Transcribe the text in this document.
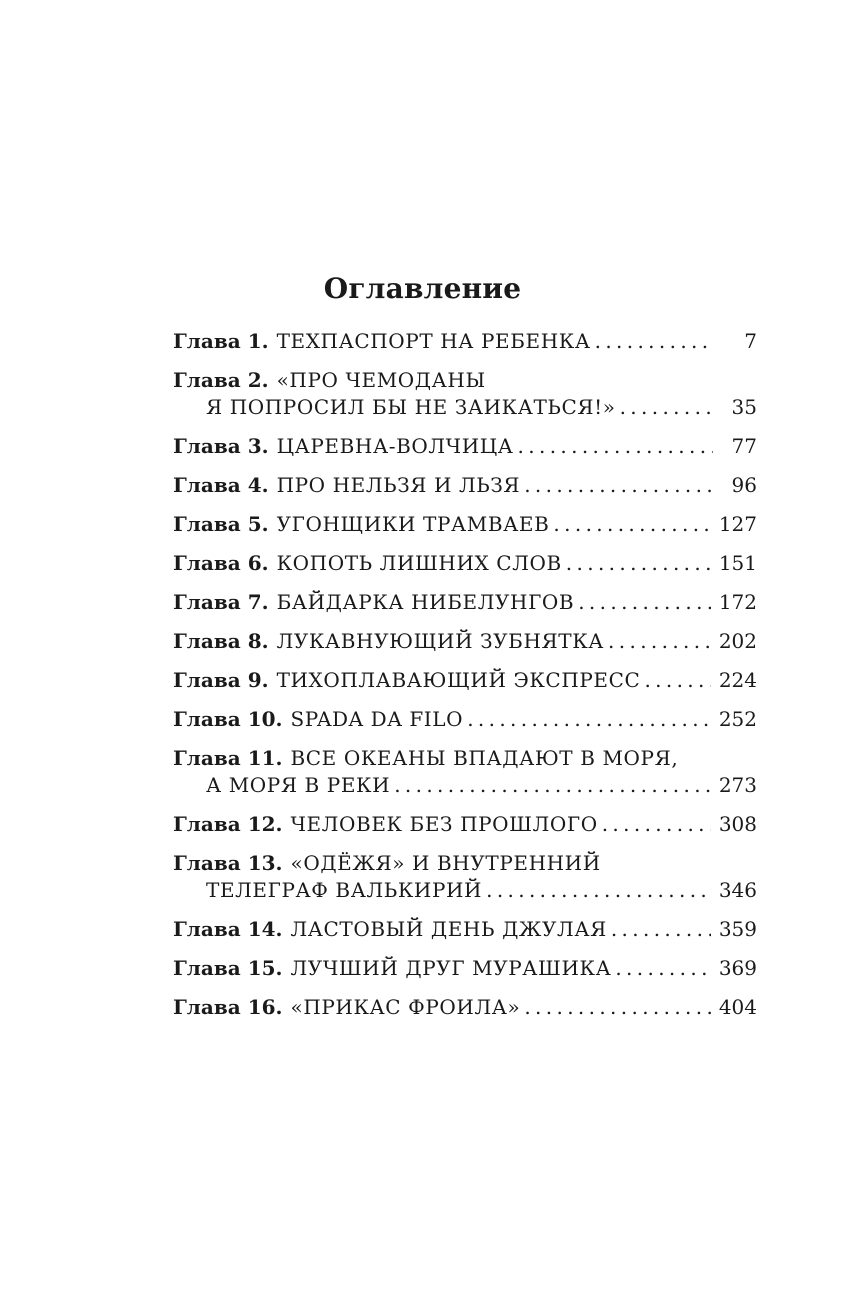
Оглавление
Глава 1. ТЕХПАСПОРТ НА РЕБЕНКА . . .	7
Глава 2. «ПРО ЧЕМОДАНЫ
Я ПОПРОСИЛ БЫ НЕ ЗАИКАТЬСЯ!» . . .	35
Глава 3. ЦАРЕВНА-ВОЛЧИЦА . . .	77
Глава 4. ПРО НЕЛЬЗЯ И ЛЬЗЯ . . .	96
Глава 5. УГОНЩИКИ ТРАМВАЕВ . . .	127
Глава 6. КОПОТЬ ЛИШНИХ СЛОВ . . .	151
Глава 7. БАЙДАРКА НИБЕЛУНГОВ . . .	172
Глава 8. ЛУКАВНУЮЩИЙ ЗУБНЯТКА . . .	202
Глава 9. ТИХОПЛАВАЮЩИЙ ЭКСПРЕСС . . .	224
Глава 10. SPADA DA FILO . . .	252
Глава 11. ВСЕ ОКЕАНЫ ВПАДАЮТ В МОРЯ,
А МОРЯ В РЕКИ . . .	273
Глава 12. ЧЕЛОВЕК БЕЗ ПРОШЛОГО . . .	308
Глава 13. «ОДЁЖЯ» И ВНУТРЕННИЙ
ТЕЛЕГРАФ ВАЛЬКИРИЙ . . .	346
Глава 14. ЛАСТОВЫЙ ДЕНЬ ДЖУЛАЯ . . .	359
Глава 15. ЛУЧШИЙ ДРУГ МУРАШИКА . . .	369
Глава 16. «ПРИКАС ФРОИЛА» . . .	404
